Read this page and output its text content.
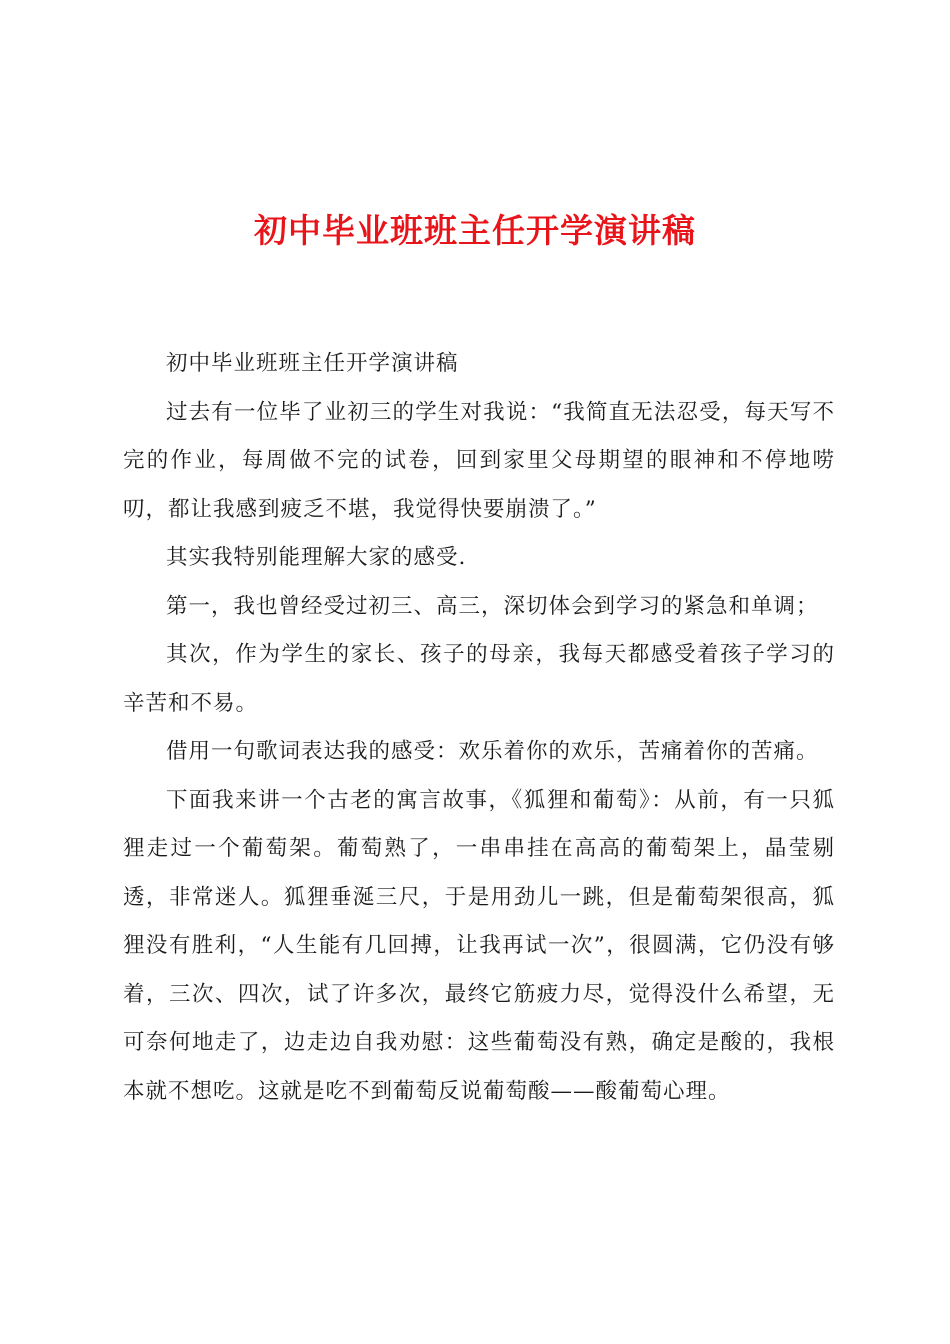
初中毕业班班主任开学演讲稿

初中毕业班班主任开学演讲稿

过去有一位毕了业初三的学生对我说：“我简直无法忍受，每天写不完的作业，每周做不完的试卷，回到家里父母期望的眼神和不停地唠叨，都让我感到疲乏不堪，我觉得快要崩溃了。”

其实我特别能理解大家的感受.

第一，我也曾经受过初三、高三，深切体会到学习的紧急和单调；

其次，作为学生的家长、孩子的母亲，我每天都感受着孩子学习的辛苦和不易。

借用一句歌词表达我的感受：欢乐着你的欢乐，苦痛着你的苦痛。

下面我来讲一个古老的寓言故事，《狐狸和葡萄》：从前，有一只狐狸走过一个葡萄架。葡萄熟了，一串串挂在高高的葡萄架上，晶莹剔透，非常迷人。狐狸垂涎三尺，于是用劲儿一跳，但是葡萄架很高，狐狸没有胜利，“人生能有几回搏，让我再试一次”，很圆满，它仍没有够着，三次、四次，试了许多次，最终它筋疲力尽，觉得没什么希望，无可奈何地走了，边走边自我劝慰：这些葡萄没有熟，确定是酸的，我根本就不想吃。这就是吃不到葡萄反说葡萄酸——酸葡萄心理。
